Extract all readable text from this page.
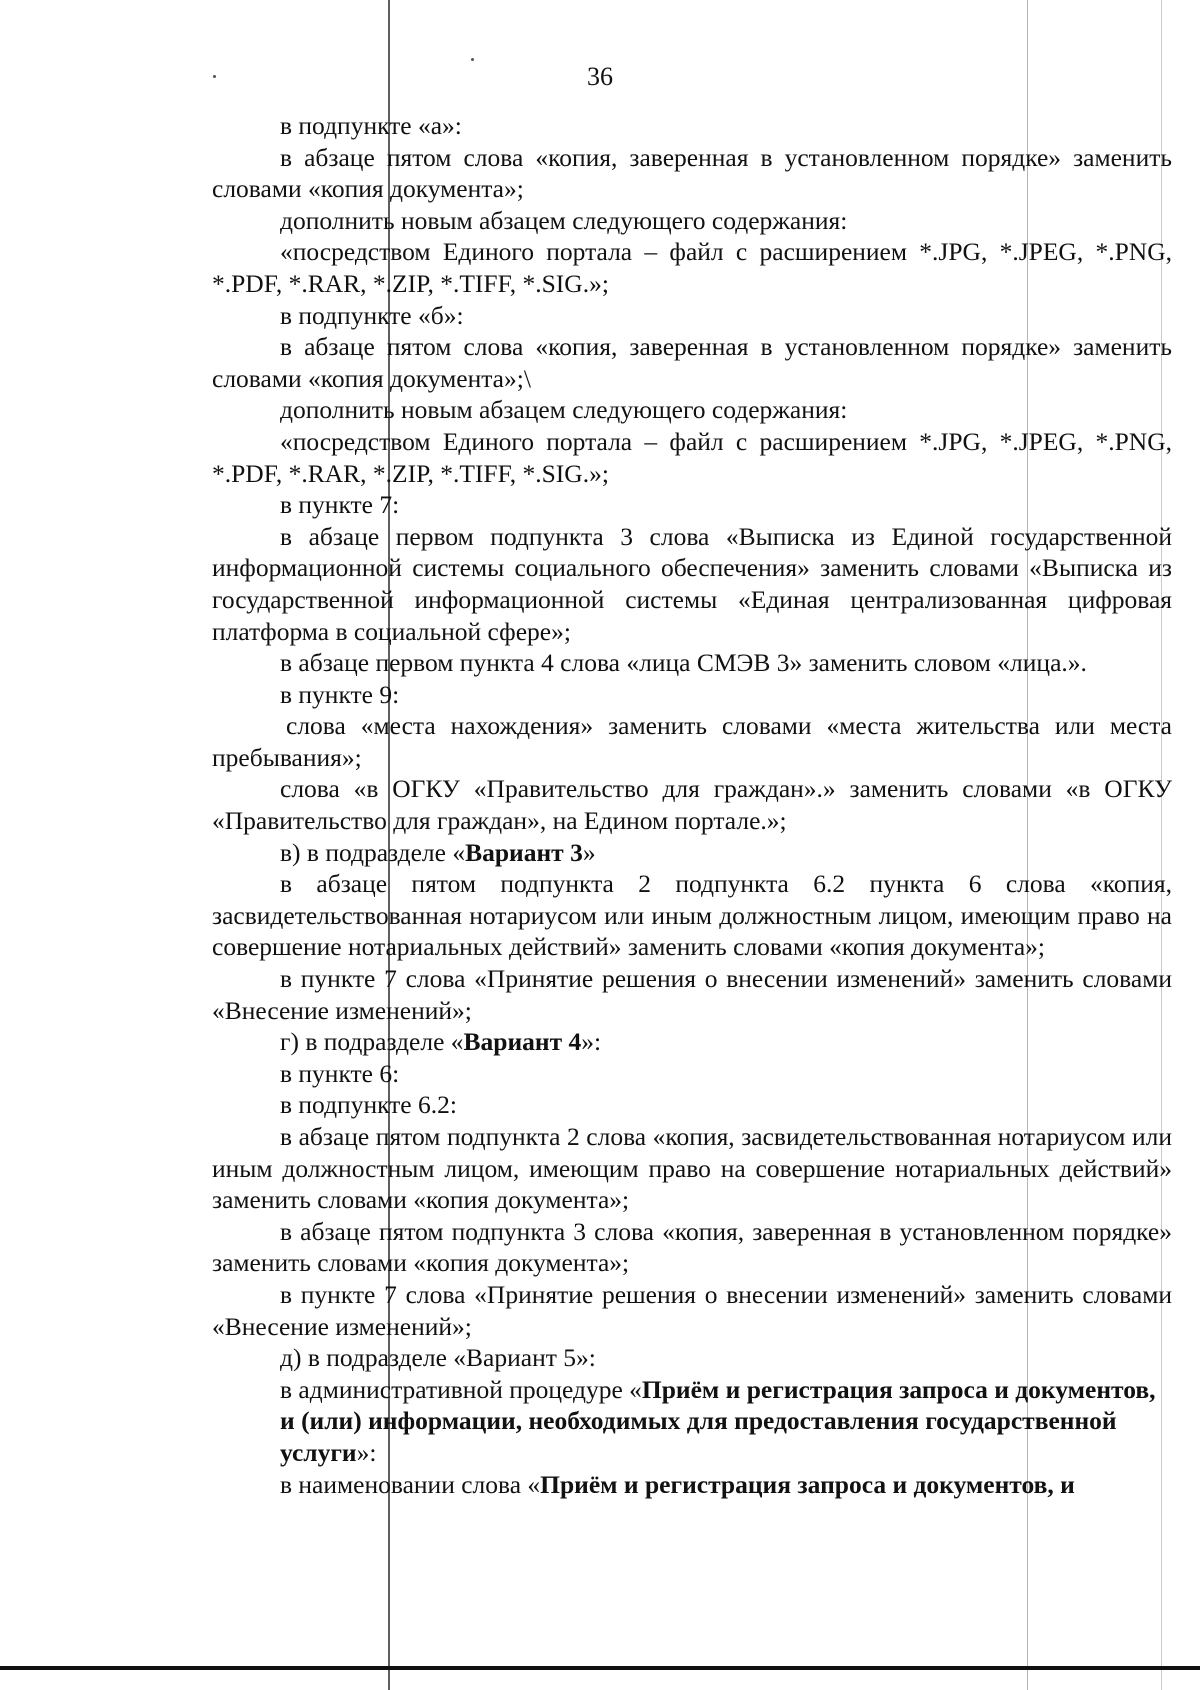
36

в подпункте «а»:

в абзаце пятом слова «копия, заверенная в установленном порядке» заменить словами «копия документа»;

дополнить новым абзацем следующего содержания:

«посредством Единого портала – файл с расширением *.JPG, *.JPEG, *.PNG, *.PDF, *.RAR, *.ZIP, *.TIFF, *.SIG.»;

в подпункте «б»:

в абзаце пятом слова «копия, заверенная в установленном порядке» заменить словами «копия документа»;\

дополнить новым абзацем следующего содержания:

«посредством Единого портала – файл с расширением *.JPG, *.JPEG, *.PNG, *.PDF, *.RAR, *.ZIP, *.TIFF, *.SIG.»;

в пункте 7:

в абзаце первом подпункта 3 слова «Выписка из Единой государственной информационной системы социального обеспечения» заменить словами «Выписка из государственной информационной системы «Единая централизованная цифровая платформа в социальной сфере»;

в абзаце первом пункта 4 слова «лица СМЭВ 3» заменить словом «лица.».

в пункте 9:

слова «места нахождения» заменить словами «места жительства или места пребывания»;

слова «в ОГКУ «Правительство для граждан».» заменить словами «в ОГКУ «Правительство для граждан», на Едином портале.»;

в) в подразделе «Вариант 3»

в абзаце пятом подпункта 2 подпункта 6.2 пункта 6 слова «копия, засвидетельствованная нотариусом или иным должностным лицом, имеющим право на совершение нотариальных действий» заменить словами «копия документа»;

в пункте 7 слова «Принятие решения о внесении изменений» заменить словами «Внесение изменений»;

г) в подразделе «Вариант 4»:

в пункте 6:

в подпункте 6.2:

в абзаце пятом подпункта 2 слова «копия, засвидетельствованная нотариусом или иным должностным лицом, имеющим право на совершение нотариальных действий» заменить словами «копия документа»;

в абзаце пятом подпункта 3 слова «копия, заверенная в установленном порядке» заменить словами «копия документа»;

в пункте 7 слова «Принятие решения о внесении изменений» заменить словами «Внесение изменений»;

д) в подразделе «Вариант 5»:

в административной процедуре «Приём и регистрация запроса и документов, и (или) информации, необходимых для предоставления государственной услуги»:

в наименовании слова «Приём и регистрация запроса и документов, и
